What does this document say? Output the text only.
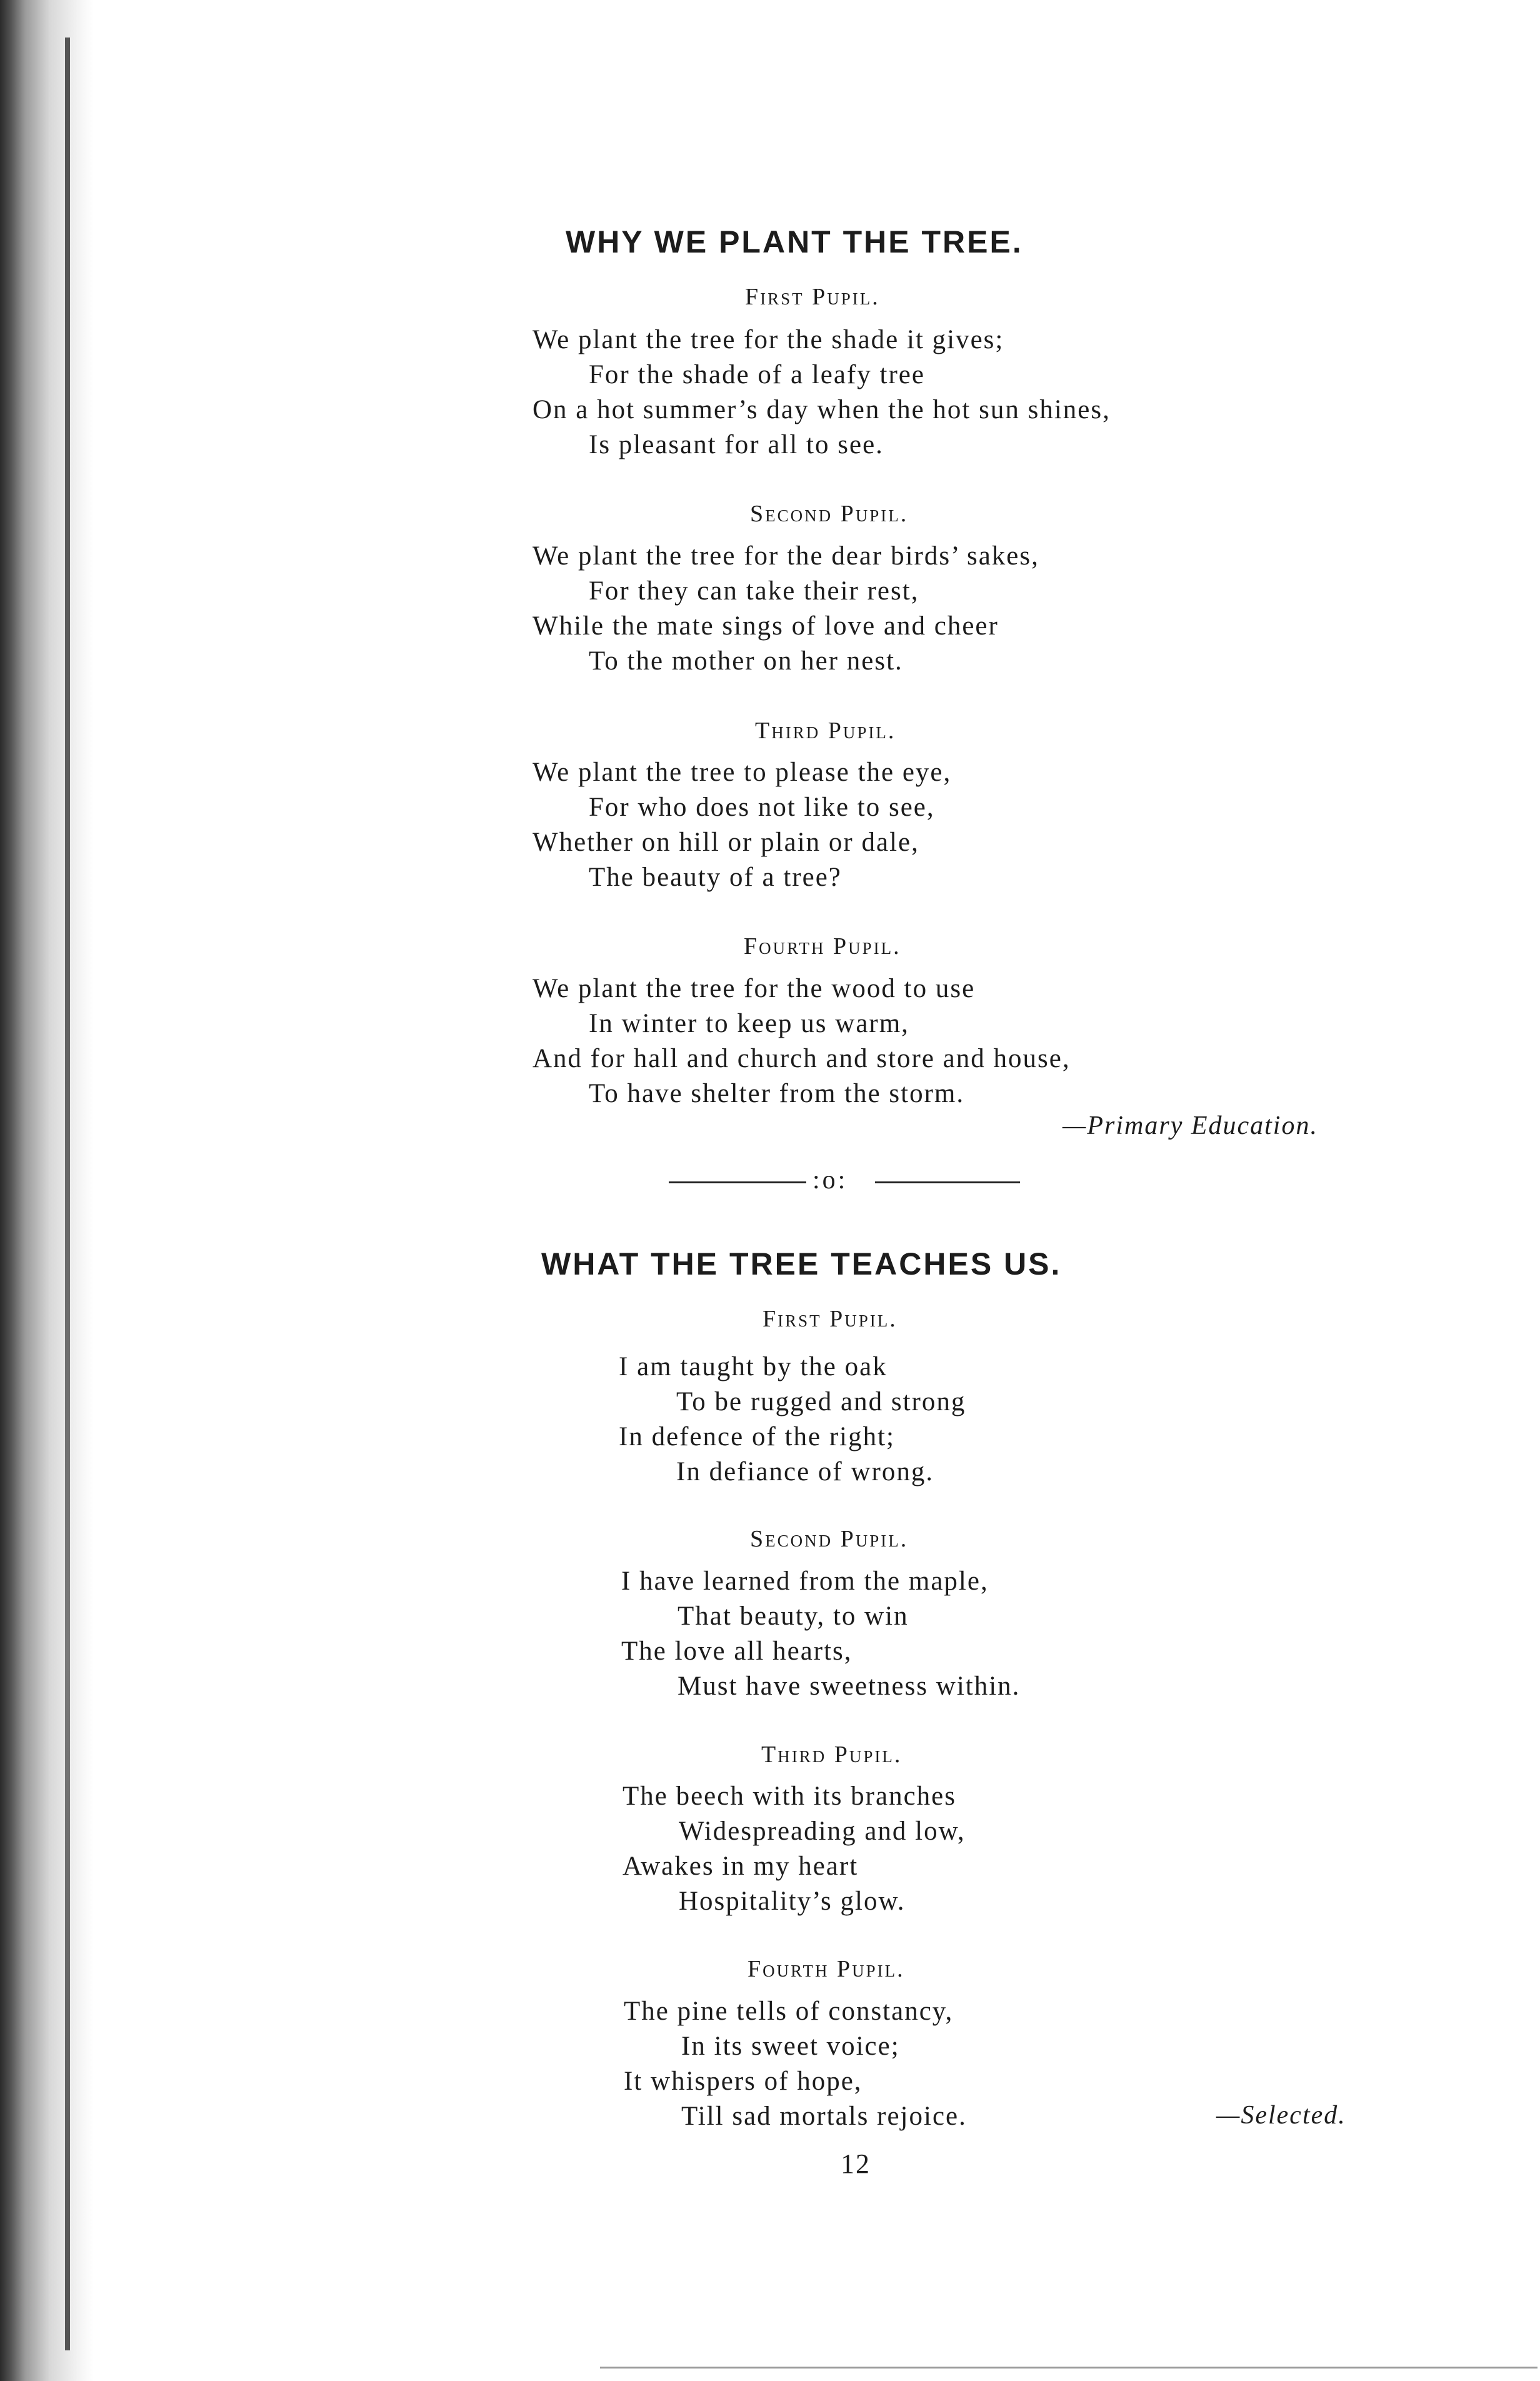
WHY WE PLANT THE TREE.

First Pupil.

We plant the tree for the shade it gives;

For the shade of a leafy tree

On a hot summer’s day when the hot sun shines,

Is pleasant for all to see.

Second Pupil.

We plant the tree for the dear birds’ sakes,

For they can take their rest,

While the mate sings of love and cheer

To the mother on her nest.

Third Pupil.

We plant the tree to please the eye,

For who does not like to see,

Whether on hill or plain or dale,

The beauty of a tree?

Fourth Pupil.

We plant the tree for the wood to use

In winter to keep us warm,

And for hall and church and store and house,

To have shelter from the storm.

—Primary Education.

:o:

WHAT THE TREE TEACHES US.

First Pupil.

I am taught by the oak

To be rugged and strong

In defence of the right;

In defiance of wrong.

Second Pupil.

I have learned from the maple,

That beauty, to win

The love all hearts,

Must have sweetness within.

Third Pupil.

The beech with its branches

Widespreading and low,

Awakes in my heart

Hospitality’s glow.

Fourth Pupil.

The pine tells of constancy,

In its sweet voice;

It whispers of hope,

Till sad mortals rejoice.	—Selected.

12
